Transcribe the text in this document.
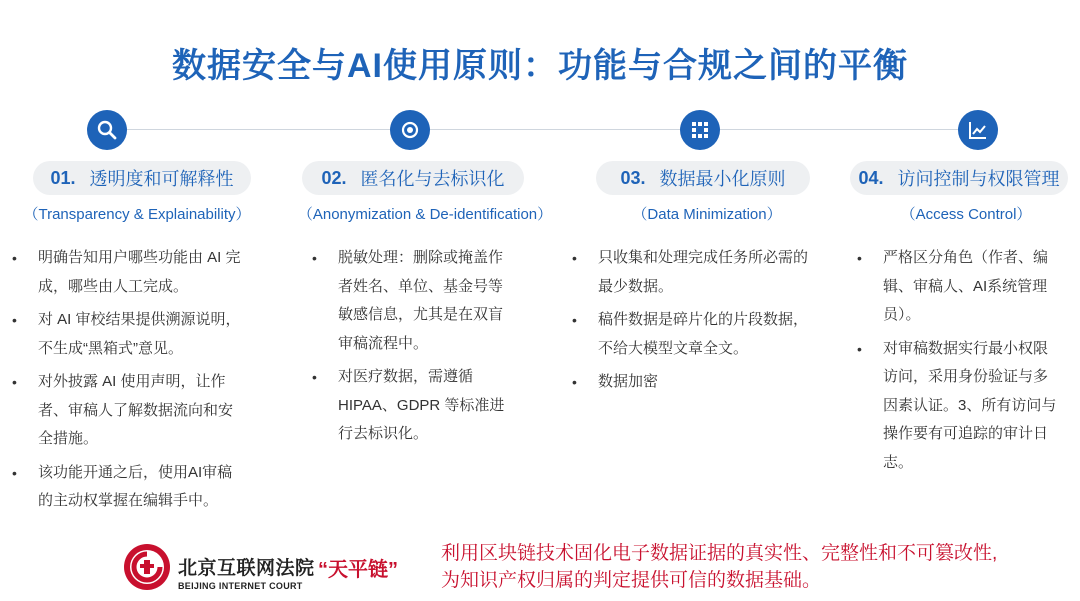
数据安全与AI使用原则：功能与合规之间的平衡
01. 透明度和可解释性
（Transparency & Explainability）
• 明确告知用户哪些功能由 AI 完成，哪些由人工完成。
• 对 AI 审校结果提供溯源说明，不生成“黑箱式”意见。
• 对外披露 AI 使用声明，让作者、审稿人了解数据流向和安全措施。
• 该功能开通之后，使用AI审稿的主动权掌握在编辑手中。
02. 匿名化与去标识化
（Anonymization & De-identification）
• 脱敏处理：删除或掩盖作者姓名、单位、基金号等敏感信息，尤其是在双盲审稿流程中。
• 对医疗数据，需遵循 HIPAA、GDPR 等标准进行去标识化。
03. 数据最小化原则
（Data Minimization）
• 只收集和处理完成任务所必需的最少数据。
• 稿件数据是碎片化的片段数据，不给大模型文章全文。
• 数据加密
04. 访问控制与权限管理
（Access Control）
• 严格区分角色（作者、编辑、审稿人、AI系统管理员）。
• 对审稿数据实行最小权限访问，采用身份验证与多因素认证。3、所有访问与操作要有可追踪的审计日志。
北京互联网法院
BEIJING INTERNET COURT
“天平链”
利用区块链技术固化电子数据证据的真实性、完整性和不可篡改性,
为知识产权归属的判定提供可信的数据基础。
